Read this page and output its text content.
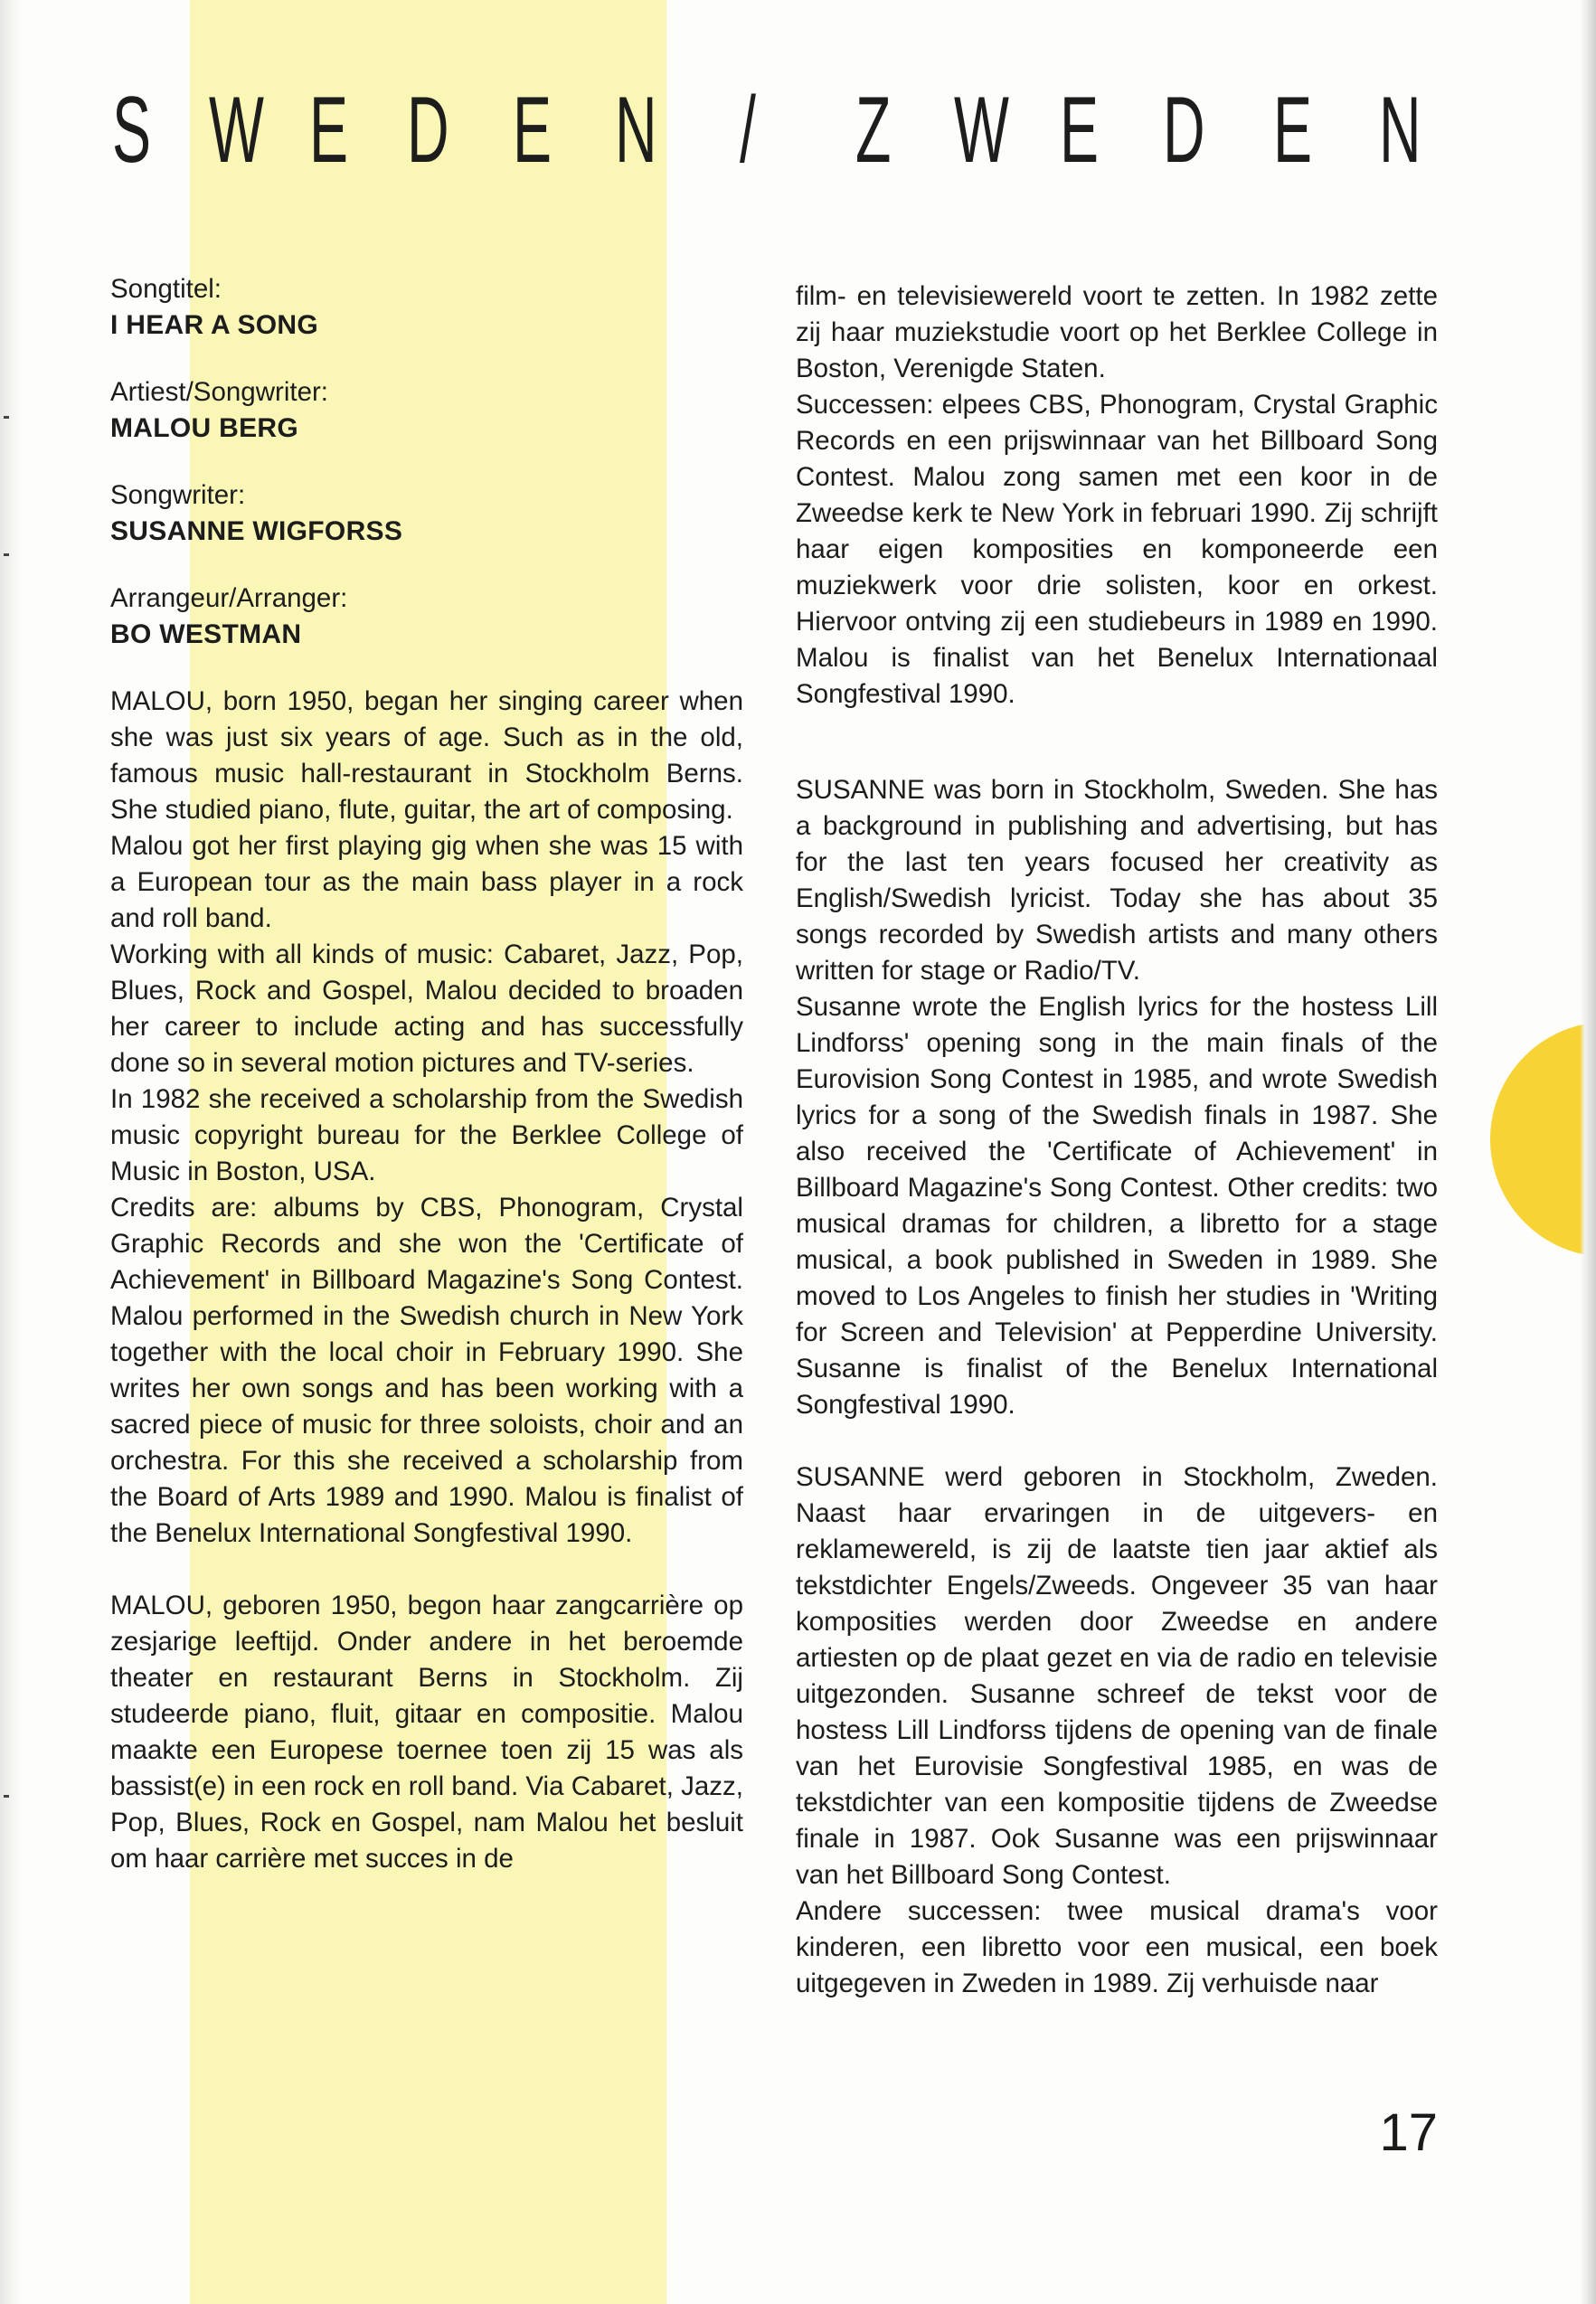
S W E D E N / Z W E D E N

Songtitel:

I HEAR A SONG

Artiest/Songwriter:

MALOU BERG

Songwriter:

SUSANNE WIGFORSS

Arrangeur/Arranger:

BO WESTMAN

MALOU, born 1950, began her singing career when she was just six years of age. Such as in the old, famous music hall-restaurant in Stockholm Berns. She studied piano, flute, guitar, the art of composing.

Malou got her first playing gig when she was 15 with a European tour as the main bass player in a rock and roll band.

Working with all kinds of music: Cabaret, Jazz, Pop, Blues, Rock and Gospel, Malou decided to broaden her career to include acting and has successfully done so in several motion pictures and TV-series.

In 1982 she received a scholarship from the Swedish music copyright bureau for the Berklee College of Music in Boston, USA.

Credits are: albums by CBS, Phonogram, Crystal Graphic Records and she won the 'Certificate of Achievement' in Billboard Magazine's Song Contest. Malou performed in the Swedish church in New York together with the local choir in February 1990. She writes her own songs and has been working with a sacred piece of music for three soloists, choir and an orchestra. For this she received a scholarship from the Board of Arts 1989 and 1990. Malou is finalist of the Benelux International Songfestival 1990.

MALOU, geboren 1950, begon haar zangcarrière op zesjarige leeftijd. Onder andere in het beroemde theater en restaurant Berns in Stockholm. Zij studeerde piano, fluit, gitaar en compositie. Malou maakte een Europese toernee toen zij 15 was als bassist(e) in een rock en roll band. Via Cabaret, Jazz, Pop, Blues, Rock en Gospel, nam Malou het besluit om haar carrière met succes in de

film- en televisiewereld voort te zetten. In 1982 zette zij haar muziekstudie voort op het Berklee College in Boston, Verenigde Staten.

Successen: elpees CBS, Phonogram, Crystal Graphic Records en een prijswinnaar van het Billboard Song Contest. Malou zong samen met een koor in de Zweedse kerk te New York in februari 1990. Zij schrijft haar eigen komposities en komponeerde een muziekwerk voor drie solisten, koor en orkest. Hiervoor ontving zij een studiebeurs in 1989 en 1990. Malou is finalist van het Benelux Internationaal Songfestival 1990.

SUSANNE was born in Stockholm, Sweden. She has a background in publishing and advertising, but has for the last ten years focused her creativity as English/Swedish lyricist. Today she has about 35 songs recorded by Swedish artists and many others written for stage or Radio/TV.

Susanne wrote the English lyrics for the hostess Lill Lindforss' opening song in the main finals of the Eurovision Song Contest in 1985, and wrote Swedish lyrics for a song of the Swedish finals in 1987. She also received the 'Certificate of Achievement' in Billboard Magazine's Song Contest. Other credits: two musical dramas for children, a libretto for a stage musical, a book published in Sweden in 1989. She moved to Los Angeles to finish her studies in 'Writing for Screen and Television' at Pepperdine University. Susanne is finalist of the Benelux International Songfestival 1990.

SUSANNE werd geboren in Stockholm, Zweden. Naast haar ervaringen in de uitgevers- en reklamewereld, is zij de laatste tien jaar aktief als tekstdichter Engels/Zweeds. Ongeveer 35 van haar komposities werden door Zweedse en andere artiesten op de plaat gezet en via de radio en televisie uitgezonden. Susanne schreef de tekst voor de hostess Lill Lindforss tijdens de opening van de finale van het Eurovisie Songfestival 1985, en was de tekstdichter van een kompositie tijdens de Zweedse finale in 1987. Ook Susanne was een prijswinnaar van het Billboard Song Contest.

Andere successen: twee musical drama's voor kinderen, een libretto voor een musical, een boek uitgegeven in Zweden in 1989. Zij verhuisde naar

17
